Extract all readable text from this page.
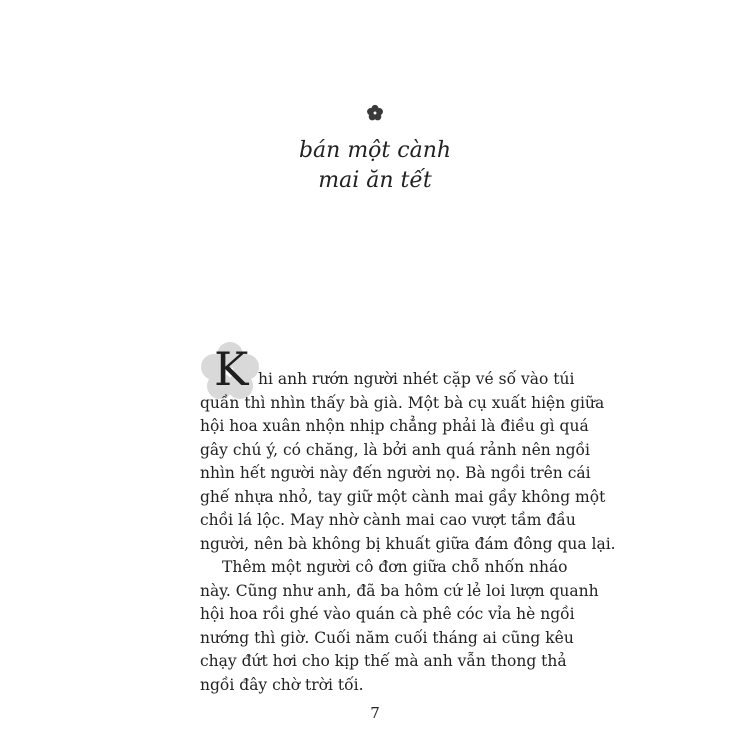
bán một cành
mai ăn tết
K hi anh rướn người nhét cặp vé số vào túi
quần thì nhìn thấy bà già. Một bà cụ xuất hiện giữa
hội hoa xuân nhộn nhịp chẳng phải là điều gì quá
gây chú ý, có chăng, là bởi anh quá rảnh nên ngồi
nhìn hết người này đến người nọ. Bà ngồi trên cái
ghế nhựa nhỏ, tay giữ một cành mai gầy không một
chồi lá lộc. May nhờ cành mai cao vượt tầm đầu
người, nên bà không bị khuất giữa đám đông qua lại.
Thêm một người cô đơn giữa chỗ nhốn nháo
này. Cũng như anh, đã ba hôm cứ lẻ loi lượn quanh
hội hoa rồi ghé vào quán cà phê cóc vỉa hè ngồi
nướng thì giờ. Cuối năm cuối tháng ai cũng kêu
chạy đứt hơi cho kịp thế mà anh vẫn thong thả
ngồi đây chờ trời tối.
7
